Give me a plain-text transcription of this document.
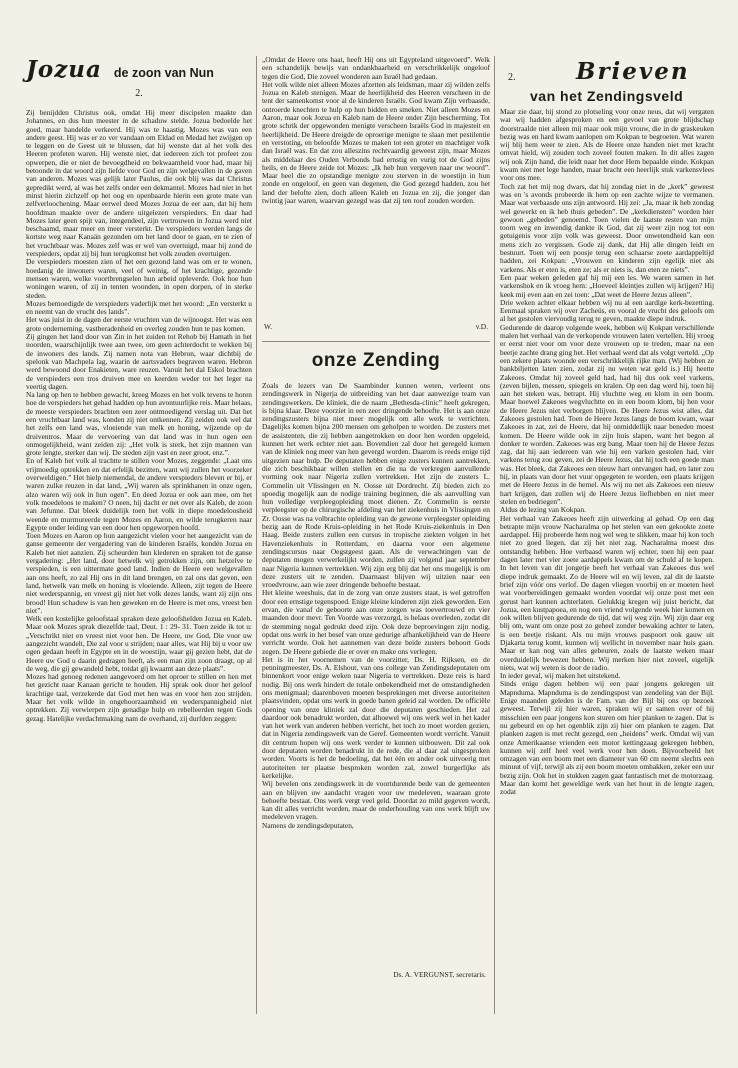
Jozua de zoon van Nun
2.

Zij benijdden Christus ook, omdat Hij meer discipelen maakte dan Johannes, en dus hun meester in de schaduw stelde. Jozua bedoelde het goed, maar handelde verkeerd. Hij was te haastig. Mozes was van een andere geest. Hij was er zo ver vandaan om Eldad en Medad het zwijgen op te leggen en de Geest uit te blussen, dat hij wenste dat al het volk des Heeren profeten waren. Hij wenste niet, dat iedereen zich tot profeet zou opwerpen, die er niet de bevoegdheid en bekwaamheid voor had, maar hij betoonde in dat woord zijn liefde voor God en zijn welgevallen in de gaven van anderen. Mozes was gelijk later Paulus, die ook blij was dat Christus gepredikt werd, al was het zelfs onder een dekmantel. Mozes had niet in het minst hierin zichzelf op het oog en openbaarde hierin een grote mate van zelfverloochening. Maar eerwel deed Mozes Jozua de eer aan, dat hij hem hoofdman maakte over de andere uitgelezen verspieders. En daar had Mozes later geen spijt van, integendeel, zijn vertrouwen in Jozua werd niet beschaamd, maar meer en meer versterkt. De verspieders werden langs de kortste weg naar Kanaän gezonden om het land door te gaan, en te zien of het vruchtbaar was. Mozes zelf was er wel van overtuigd, maar hij zond de verspieders, opdat zij bij hun terugkomst het volk zouden overtuigen.

De verspieders moesten zien of het een gezond land was om er te wonen, hoedanig de inwoners waren, veel of weinig, of het krachtige, gezonde mensen waren, welke voortbrengselen hun arbeid opleverde. Ook hoe hun woningen waren, of zij in tenten woonden, in open dorpen, of in sterke steden.

Mozes bemoedigde de verspieders vaderlijk met het woord: „En versterkt u en neemt van de vrucht des lands”.

Het was juist in de dagen der eerste vruchten van de wijnoogst. Het was een grote onderneming, vastberadenheid en overleg zouden hun te pas komen.

Zij gingen het land door van Zin in het zuiden tot Rehob bij Hamath in het noorden, waarschijnlijk twee aan twee, om geen achterdocht te wekken bij de inwoners des lands. Zij namen nota van Hebron, waar dichtbij de spelonk van Machpela lag, waarin de aartsvaders begraven waren. Hebron werd bewoond door Enakieten, ware reuzen. Vanuit het dal Eskol brachten de verspieders een tros druiven mee en keerden weder tot het leger na veertig dagen.

Na lang op hen te hebben gewacht, kreeg Mozes en het volk tevens te horen hoe de verspieders het gehad hadden op hun avontuurlijke reis. Maar helaas, de meeste verspieders brachten een zeer ontmoedigend verslag uit. Dat het een vruchtbaar land was, konden zij niet ontkennen. Zij zeiden ook wel dat het zelfs een land was, vloeiende van melk en honing, wijzende op de druiventros. Maar de vervoering van dat land was in hun ogen een onmogelijkheid, want zeiden zij: „Het volk is sterk, het zijn mannen van grote lengte, sterker dan wij. De steden zijn vast en zeer groot, enz.”.

En of Kaleb het volk al trachtte te stillen voor Mozes, zeggende: „Laat ons vrijmoedig optrekken en dat erfelijk bezitten, want wij zullen het voorzeker overweldigen.” Het hielp niemendal, de andere verspieders bleven er bij, er waren zulke reuzen in dat land, „Wij waren als sprinkhanen in onze ogen, alzo waren wij ook in hun ogen”. En deed Jozua er ook aan mee, om het volk moedeloos te maken? O neen, hij dacht er net over als Kaleb, de zoon van Jefunne. Dat bleek duidelijk toen het volk in diepe moedeloosheid weende en murmureerde tegen Mozes en Aaron, en wilde terugkeren naar Egypte onder leiding van een door hen opgeworpen hoofd.

Toen Mozes en Aaron op hun aangezicht vielen voor het aangezicht van de ganse gemeente der vergadering van de kinderen Israëls, kondén Jozua en Kaleb het niet aanzien. Zij scheurden hun klederen en spraken tot de ganse vergadering: „Het land, door hetwelk wij getrokken zijn, om hetzelve te verspieden, is een uittermate goed land. Indien de Heere een welgevallen aan ons heeft, zo zal Hij ons in dit land brengen, en zal ons dat geven, een land, hetwelk van melk en honing is vloeiende. Alleen, zijt tegen de Heere niet wederspannig, en vreest gij niet het volk dezes lands, want zij zijn ons brood! Hun schaduw is van hen geweken en de Heere is met ons, vreest hen niet”.

Welk een kostelijke geloofstaal spraken deze geloofshelden Jozua en Kaleb. Maar ook Mozes sprak diezelfde taal, Deut. 1 : 29- 31. Toen zeide ik tot u: „Verschrikt niet en vreest niet voor hen. De Heere, uw God, Die voor uw aangezicht wandelt, Die zal voor u strijden; naar alles, wat Hij bij u voor uw ogen gedaan heeft in Egypte en in de woestijn, waar gij gezien hebt, dat de Heere uw God u daarin gedragen heeft, als een man zijn zoon draagt, op al de weg, die gij gewandeld hebt, totdat gij kwaamt aan deze plaats”.

Mozes had genoeg redenen aangevoerd om het oproer te stillen en hen met het gezicht naar Kanaan gericht te houden. Hij sprak ook door het geloof krachtige taal, verzekerde dat God met hen was en voor hen zou strijden. Maar het volk wilde in ongehoorzaamheid en wederspannigheid niet optrekken. Zij verwierpen zijn genadige hulp en rebelleerden tegen Gods gezag. Hatelijke verdachtmaking nam de overhand, zij durfden zeggen:

„Omdat de Heere ons haat, heeft Hij ons uit Egypteland uitgevoerd”. Welk een schandelijk bewijs van ondankbaarheid en verschrikkelijk ongeloof tegen die God, Die zoveel wonderen aan Israël had gedaan.

Het volk wilde niet alleen Mozes afzetten als leidsman, maar zij wilden zelfs Jozua en Kaleb stenigen. Maar de heerlijkheid des Heeren verscheen in de tent der samenkomst voor al de kinderen Israëls. God kwam Zijn verbaasde, ontroerde knechten te hulp op hun bidden en smeken. Niet alleen Mozes en Aaron, maar ook Jozua en Kaleb nam de Heere onder Zijn bescherming. Tot grote schrik der opgewonden menigte verscheen Israëls God in majesteit en heerlijkheid. De Heere dreigde de oproerige menigte te slaan met pestilentie en verstoting, en beloofde Mozes te maken tot een groter en machtiger volk dan Israël was. En dat zou alleszins rechtvaardig geweest zijn, maar Mozes als middelaar des Ouden Verbonds bad ernstig en vurig tot de God zijns heils, en de Heere zeide tot Mozes: „Ik heb hun vergeven naar uw woord”. Maar heel die zo opstandige menigte zou sterven in de woestijn in hun zonde en ongeloof, en geen van degenen, die God gezegd hadden, zou het land der belofte zien, doch alleen Kaleb en Jozua en zij, die jonger dan twintig jaar waren, waarvan gezegd was dat zij ten roof zouden worden.

W.	v.D.
onze Zending

Zoals de lezers van De Saambinder kunnen weten, verleent ons zendingswerk in Nigerja de uitbreiding van het daar aanwezige team van zendingswerkers. De kliniek, die de naam „Bethesda-clinic” heeft gekregen, is bijna klaar. Deze voorziet in een zeer dringende behoefte. Het is aan onze zendingszusters bijna niet meer mogelijk om alle werk te verrichten. Dagelijks komen bijna 200 mensen om geholpen te worden. De zusters met de assistenten, die zij hebben aangetrokken en door hen worden opgeleid, kunnen het werk echter niet aan. Bovendien zal door het geregeld komen van de kliniek nog meer van hen gevergd worden. Daarom is reeds enige tijd uitgezien naar hulp. De deputaten hebben enige zusters kunnen aantrekken, die zich beschikbaar willen stellen en die na de verkregen aanvullende vorming ook naar Nigeria zullen vertrekken. Het zijn de zusters L. Commelin uit Vlissingen en N. Oosse uit Dordrecht. Zij bieden zich zo spoedig mogelijk aan de nodige training beginnen, die als aanvulling van hun volledige verpleegopleiding moet dienen. Zr. Commelin is eerste verpleegster op de chirurgische afdeling van het ziekenhuis in Vlissingen en Zr. Oosse was na volbrachte opleiding van de gewone verpleegster opleiding bezig aan de Rode Kruis-opleiding in het Rode Kruis-ziekenhuis in Den Haag. Beide zusters zullen een cursus in tropische ziekten volgen in het Havenziekenhuis in Rotterdam, en daarna voor een algemene zendingscursus naar Oegstgeest gaan. Als de verwachtingen van de deputaten mogen verwerkelijkt worden, zullen zij volgend jaar september naar Nigeria kunnen vertrekken. Wij zijn erg blij dat het ons mogelijk is om deze zusters uit te zenden. Daarnaast blijven wij uitzien naar een vroedvrouw, aan wie zeer dringende behoefte bestaat.

Het kleine weeshuis, dat in de zorg van onze zusters staat, is wel getroffen door een ernstige tegenspoed. Enige kleine kinderen zijn ziek geworden. Een ervan, die vanaf de geboorte aan onze zorgen was toevertrouwd en vier maanden door mevr. Ten Voorde was verzorgd, is helaas overleden, zodat dit de stemming nogal gedrukt deed zijn. Ook deze beproevingen zijn nodig, opdat ons werk in het besef van onze gedurige afhankelijkheid van de Heere verricht worde. Ook het aannemen van deze beide zusters behoort Gods zegen. De Heere gebiede die er over en make ons verlegen.

Het is in het voornemen van de voorzitter, Ds. H. Rijksen, en de penningmeester, Ds. A. Elshout, van ons college van Zendingsdeputaten om binnenkort voor enige weken naar Nigeria te vertrekken. Deze reis is hard nodig. Bij ons werk hindert de totale onbekendheid met de omstandigheden ons menigmaal; daarenboven moeten besprekingen met diverse autoriteiten plaatsvinden, opdat ons werk in goede banen geleid zal worden. De officiële opening van onze kliniek zal door die deputaten geschieden. Het zal daardoor ook benadrukt worden, dat alhoewel wij ons werk wel in het kader van het werk van anderen hebben verricht, het toch zo moet worden gezien, dat in Nigeria zendingswerk van de Geref. Gemeenten wordt verricht. Vanuit dit centrum hopen wij ons werk verder te kunnen uitbouwen. Dit zal ook door deputaten worden benadrukt in de rede, die al daar zal uitgesproken worden. Voorts is het de bedoeling, dat het één en ander ook uitvoerig met autoriteiten ter plaatse besproken worden zal, zowel burgerlijke als kerkelijke.

Wij bevelen ons zendingswerk in de voortdurende bede van de gemeenten aan en blijven uw aandacht vragen voor uw medeleven, waaraan grote behoefte bestaat. Ons werk vergt veel geld. Doordat zo mild gegeven wordt, kan dit alles verricht worden, maar de onderhouding van ons werk blijft uw medeleven vragen.

Namens de zendingsdeputaten,

Ds. A. VERGUNST, secretaris.
2.	Brieven
van het Zendingsveld

Maar zie daar, hij stond zo plotseling voor onze neus, dat wij vergaten wat wij hadden afgesproken en een gevoel van grote blijdschap doorstraalde niet alleen mij maar ook mijn vrouw, die in de graskeuken bezig was en hard kwam aanlopen om Kokpan te begroeten. Wat waren wij blij hem weer te zien. Als de Heere onze handen niet met kracht omvat hield, wij zouden toch zoveel fouten maken. In dit alles zagen wij ook Zijn hand, die leidt naar het door Hem bepaalde einde. Kokpan kwam niet met lege handen, maar bracht een heerlijk stuk varkensvlees voor ons mee.

Toch zat het mij nog dwars, dat hij zondag niet in de „kerk” geweest was en 's avonds probeerde ik hem op een zachte wijze te vermanen. Maar wat verbaasde ons zijn antwoord. Hij zei: „Ja, maar ik heb zondag wel gewerkt en ik heb thuis gebeden”. De „kerkdiensten” worden hier gewoon „gebeden” genoemd. Toen vielen de laatste resten van mijn toorn weg en inwendig dankte ik God, dat zij weer zijn nog tot een getuigenis voor zijn volk was geweest. Door onwetendheid kan een mens zich zo vergissen. Gode zij dank, dat Hij alle dingen leidt en bestuurt. Toen wij een poosje terug een schaarse zoete aardappeltijd hadden, zei Kokpan: „Vrouwen en kinderen zijn egelijk niet als varkens. Als er eten is, eten ze; als er niets is, dan eten ze niets”.

Een paar weken geleden gaf hij mij een les. We waren samen in het varkenshok en ik vroeg hem: „Hoeveel kleintjes zullen wij krijgen? Hij keek mij even aan en zei toen: „Dat weet de Heere Jezus alleen”.

Drie weken achter elkaar hebben wij nu al een aardige kerk-bezetting. Eenmaal spraken wij over Zacheüs, en vooral de vrucht des geloofs om al het gestolen viervoudig terug te geven, maakte diepe indruk.

Gedurende de daarop volgende week, hebben wij Kokpan verschillende malen het verhaal van de verkopende vrouwen laten vertellen. Hij vroeg er eerst niet voor om voor deze vrouwen op te treden, maar na een beetje zachte drang ging het. Het verhaal werd dat als volgt verteld. „Op een zekere plaats woonde een verschrikkelijk rijke man. (Wij hebben ze bankbiljetten laten zien, zodat zij nu weten wat geld is.) Hij heette Zakeoes. Omdat hij zoveel geld had, had hij dus ook veel varkens, (zeven bijlen, messen, spiegels en kralen. Op een dag werd hij, toen hij aan het steken was, betrapt. Hij vluchtte weg en klom in een boom. Maar hoewel Zakeoes wegvluchtte en in een boom klom, bij hen voor de Heere Jezus niet verborgen blijven. De Heere Jezus wist alles, dat Zakeoes gestolen had. Toen de Heere Jezus langs de boom kwam, waar Zakeoes in zat, zei de Heere, dat hij onmiddellijk naar beneden moest komen. De Heere wilde ook in zijn huis slapen, want het begon al donker te worden. Zakeoes was erg bang. Maar toen hij de Heere Jezus zag, dat hij aan iedereen van wie hij een varken gestolen had, vier varkens terug zou geven, zei de Heere Jezus, dat hij toch een goede man was. Het bleek, dat Zakeoes een nieuw hart ontvangen had, en later zou hij, in plaats van door het vuur opgegeten te worden, een plaats krijgen met de Heere Jezus in de hemel. Als wij nu net als Zakeoes een nieuw hart krijgen, dan zullen wij de Heere Jezus liefhebben en niet meer stelen en bedriegen”.

Aldus de lezing van Kokpan.

Het verhaal van Zakeoes heeft zijn uitwerking al gehad. Op een dag betrapte mijn vrouw Nacharalma op het stelen van een gekookte zoete aardappel. Hij probeerde hem nog wel weg te slikken, maar hij kon toch niet zo goed liegen, dat zij het niet zag. Nacharalma moest dus ontstandig hebben. Hoe verbaasd waren wij echter, toen hij een paar dagen later met vier zoete aardappels kwam om de schuld af te kopen. In het leven van dit jongetje heeft het verhaal van Zakeoes dus wel diepe indruk gemaakt. Zo de Heere wil en wij leven, zal dit de laatste brief zijn vóór ons verlof. De dagen vliegen voorbij en er moeten heel wat voorbereidingen gemaakt worden voordat wij onze post met een gerust hart kunnen achterlaten. Gelukkig kregen wij juist bericht, dat Jozua, een kustpapoea, en nog een vriend volgende week hier komen en ook willen blijven gedurende de tijd, dat wij weg zijn. Wij zijn daar erg blij om, want om onze post zo geheel zonder bewaking achter te laten, is een beetje riskant. Als nu mijn vrouws paspoort ook gauw uit Djakarta terug komt, kunnen wij wellicht in november naar huis gaan. Maar er kan nog van alles gebeuren, zoals de laatste weken maar overduidelijk bewezen hebben. Wij merken hier niet zoveel, eigelijk niets, wat wij weten is door de radio.

In ieder geval, wij maken het uitstekend.

Sinds enige dagen hebben wij een paar jongens gekregen uit Mapnduma. Mapnduma is de zendingspost van zendeling van der Bijl. Enige maanden geleden is de Fam. van der Bijl bij ons op bezoek geweest. Terwijl zij hier waren, spraken wij er samen over of hij misschien een paar jongens kon sturen om hier planken te zagen. Dat is nu gebeurd en op het ogenblik zijn zij hier om planken te zagen. Dat planken zagen is met recht gezegd, een „heidens” werk. Omdat wij van onze Amerikaanse vrienden een motor kettingzaag gekregen hebben, kunnen wij zelf heel veel werk voor hen doen. Bijvoorbeeld het omzagen van een boom met een diameter van 60 cm neemt slechts een minuut of vijf, terwijl als zij een boom moeten omhakken, zeker een uur bezig zijn. Ook het in stukken zagen gaat fantastisch met de motorzaag. Maar dan komt het geweldige werk van het hout in de lengte zagen, zodat
